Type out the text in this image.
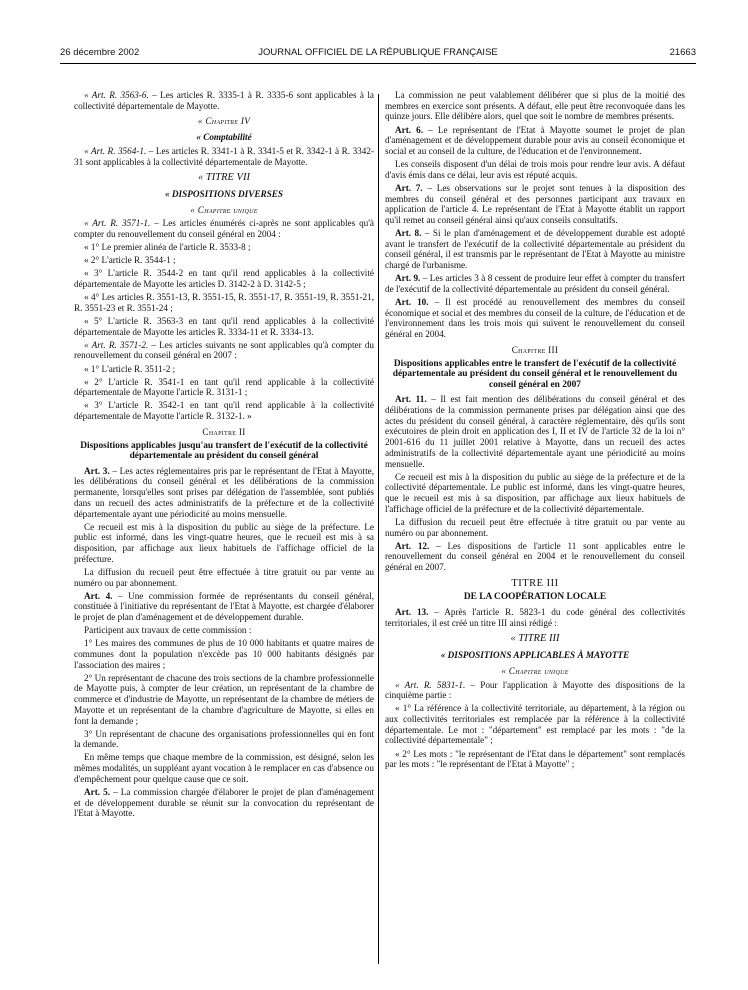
26 décembre 2002	JOURNAL OFFICIEL DE LA RÉPUBLIQUE FRANÇAISE	21663

« Art. R. 3563-6. – Les articles R. 3335-1 à R. 3335-6 sont applicables à la collectivité départementale de Mayotte.

« Chapitre IV

« Comptabilité

« Art. R. 3564-1. – Les articles R. 3341-1 à R. 3341-5 et R. 3342-1 à R. 3342-31 sont applicables à la collectivité départementale de Mayotte.

« TITRE VII

« DISPOSITIONS DIVERSES

« Chapitre unique

« Art. R. 3571-1. – Les articles énumérés ci-après ne sont applicables qu'à compter du renouvellement du conseil général en 2004 :

« 1° Le premier alinéa de l'article R. 3533-8 ;

« 2° L'article R. 3544-1 ;

« 3° L'article R. 3544-2 en tant qu'il rend applicables à la collectivité départementale de Mayotte les articles D. 3142-2 à D. 3142-5 ;

« 4° Les articles R. 3551-13, R. 3551-15, R. 3551-17, R. 3551-19, R. 3551-21, R. 3551-23 et R. 3551-24 ;

« 5° L'article R. 3563-3 en tant qu'il rend applicables à la collectivité départementale de Mayotte les articles R. 3334-11 et R. 3334-13.

« Art. R. 3571-2. – Les articles suivants ne sont applicables qu'à compter du renouvellement du conseil général en 2007 :

« 1° L'article R. 3511-2 ;

« 2° L'article R. 3541-1 en tant qu'il rend applicable à la collectivité départementale de Mayotte l'article R. 3131-1 ;

« 3° L'article R. 3542-1 en tant qu'il rend applicable à la collectivité départementale de Mayotte l'article R. 3132-1. »

Chapitre II

Dispositions applicables jusqu'au transfert de l'exécutif de la collectivité départementale au président du conseil général

Art. 3. – Les actes réglementaires pris par le représentant de l'Etat à Mayotte, les délibérations du conseil général et les délibérations de la commission permanente, lorsqu'elles sont prises par délégation de l'assemblée, sont publiés dans un recueil des actes administratifs de la préfecture et de la collectivité départementale ayant une périodicité au moins mensuelle.

Ce recueil est mis à la disposition du public au siège de la préfecture. Le public est informé, dans les vingt-quatre heures, que le recueil est mis à sa disposition, par affichage aux lieux habituels de l'affichage officiel de la préfecture.

La diffusion du recueil peut être effectuée à titre gratuit ou par vente au numéro ou par abonnement.

Art. 4. – Une commission formée de représentants du conseil général, constituée à l'initiative du représentant de l'Etat à Mayotte, est chargée d'élaborer le projet de plan d'aménagement et de développement durable.

Participent aux travaux de cette commission :

1° Les maires des communes de plus de 10 000 habitants et quatre maires de communes dont la population n'excède pas 10 000 habitants désignés par l'association des maires ;

2° Un représentant de chacune des trois sections de la chambre professionnelle de Mayotte puis, à compter de leur création, un représentant de la chambre de commerce et d'industrie de Mayotte, un représentant de la chambre de métiers de Mayotte et un représentant de la chambre d'agriculture de Mayotte, si elles en font la demande ;

3° Un représentant de chacune des organisations professionnelles qui en font la demande.

En même temps que chaque membre de la commission, est désigné, selon les mêmes modalités, un suppléant ayant vocation à le remplacer en cas d'absence ou d'empêchement pour quelque cause que ce soit.

Art. 5. – La commission chargée d'élaborer le projet de plan d'aménagement et de développement durable se réunit sur la convocation du représentant de l'Etat à Mayotte.

La commission ne peut valablement délibérer que si plus de la moitié des membres en exercice sont présents. A défaut, elle peut être reconvoquée dans les quinze jours. Elle délibère alors, quel que soit le nombre de membres présents.

Art. 6. – Le représentant de l'Etat à Mayotte soumet le projet de plan d'aménagement et de développement durable pour avis au conseil économique et social et au conseil de la culture, de l'éducation et de l'environnement.

Les conseils disposent d'un délai de trois mois pour rendre leur avis. A défaut d'avis émis dans ce délai, leur avis est réputé acquis.

Art. 7. – Les observations sur le projet sont tenues à la disposition des membres du conseil général et des personnes participant aux travaux en application de l'article 4. Le représentant de l'Etat à Mayotte établit un rapport qu'il remet au conseil général ainsi qu'aux conseils consultatifs.

Art. 8. – Si le plan d'aménagement et de développement durable est adopté avant le transfert de l'exécutif de la collectivité départementale au président du conseil général, il est transmis par le représentant de l'Etat à Mayotte au ministre chargé de l'urbanisme.

Art. 9. – Les articles 3 à 8 cessent de produire leur effet à compter du transfert de l'exécutif de la collectivité départementale au président du conseil général.

Art. 10. – Il est procédé au renouvellement des membres du conseil économique et social et des membres du conseil de la culture, de l'éducation et de l'environnement dans les trois mois qui suivent le renouvellement du conseil général en 2004.

Chapitre III

Dispositions applicables entre le transfert de l'exécutif de la collectivité départementale au président du conseil général et le renouvellement du conseil général en 2007

Art. 11. – Il est fait mention des délibérations du conseil général et des délibérations de la commission permanente prises par délégation ainsi que des actes du président du conseil général, à caractère réglementaire, dès qu'ils sont exécutoires de plein droit en application des I, II et IV de l'article 32 de la loi n° 2001-616 du 11 juillet 2001 relative à Mayotte, dans un recueil des actes administratifs de la collectivité départementale ayant une périodicité au moins mensuelle.

Ce recueil est mis à la disposition du public au siège de la préfecture et de la collectivité départementale. Le public est informé, dans les vingt-quatre heures, que le recueil est mis à sa disposition, par affichage aux lieux habituels de l'affichage officiel de la préfecture et de la collectivité départementale.

La diffusion du recueil peut être effectuée à titre gratuit ou par vente au numéro ou par abonnement.

Art. 12. – Les dispositions de l'article 11 sont applicables entre le renouvellement du conseil général en 2004 et le renouvellement du conseil général en 2007.

TITRE III

DE LA COOPÉRATION LOCALE

Art. 13. – Après l'article R. 5823-1 du code général des collectivités territoriales, il est créé un titre III ainsi rédigé :

« TITRE III

« DISPOSITIONS APPLICABLES À MAYOTTE

« Chapitre unique

« Art. R. 5831-1. – Pour l'application à Mayotte des dispositions de la cinquième partie :

« 1° La référence à la collectivité territoriale, au département, à la région ou aux collectivités territoriales est remplacée par la référence à la collectivité départementale. Le mot : "département" est remplacé par les mots : "de la collectivité départementale" ;

« 2° Les mots : "le représentant de l'Etat dans le département" sont remplacés par les mots : "le représentant de l'Etat à Mayotte" ;
